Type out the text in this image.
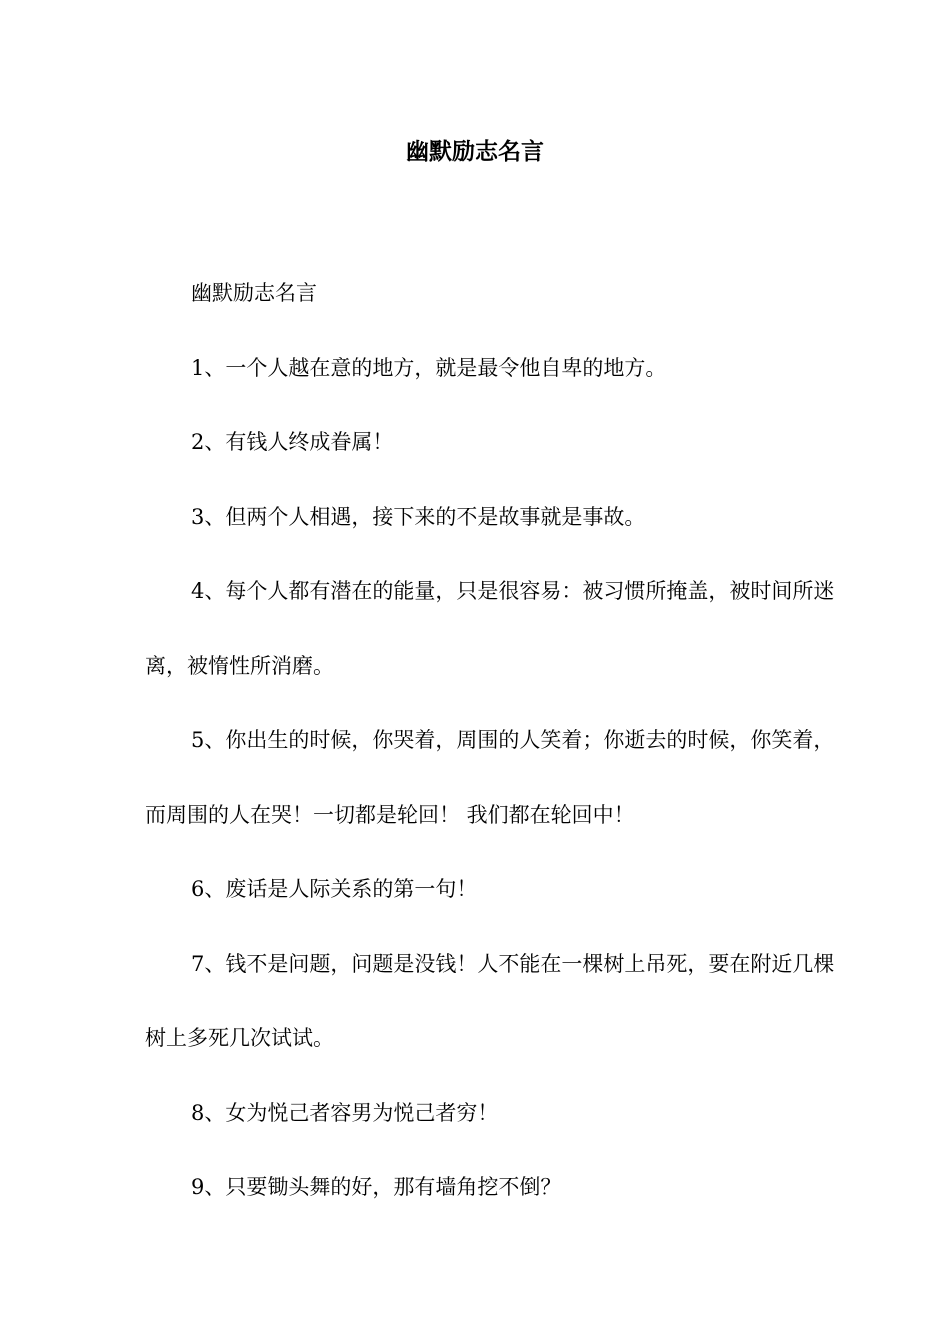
幽默励志名言

幽默励志名言

1、一个人越在意的地方，就是最令他自卑的地方。

2、有钱人终成眷属！

3、但两个人相遇，接下来的不是故事就是事故。

4、每个人都有潜在的能量，只是很容易：被习惯所掩盖，被时间所迷离，被惰性所消磨。

5、你出生的时候，你哭着，周围的人笑着；你逝去的时候，你笑着，而周围的人在哭！一切都是轮回！ 我们都在轮回中！

6、废话是人际关系的第一句！

7、钱不是问题，问题是没钱！人不能在一棵树上吊死，要在附近几棵树上多死几次试试。

8、女为悦己者容男为悦己者穷！

9、只要锄头舞的好，那有墙角挖不倒？
